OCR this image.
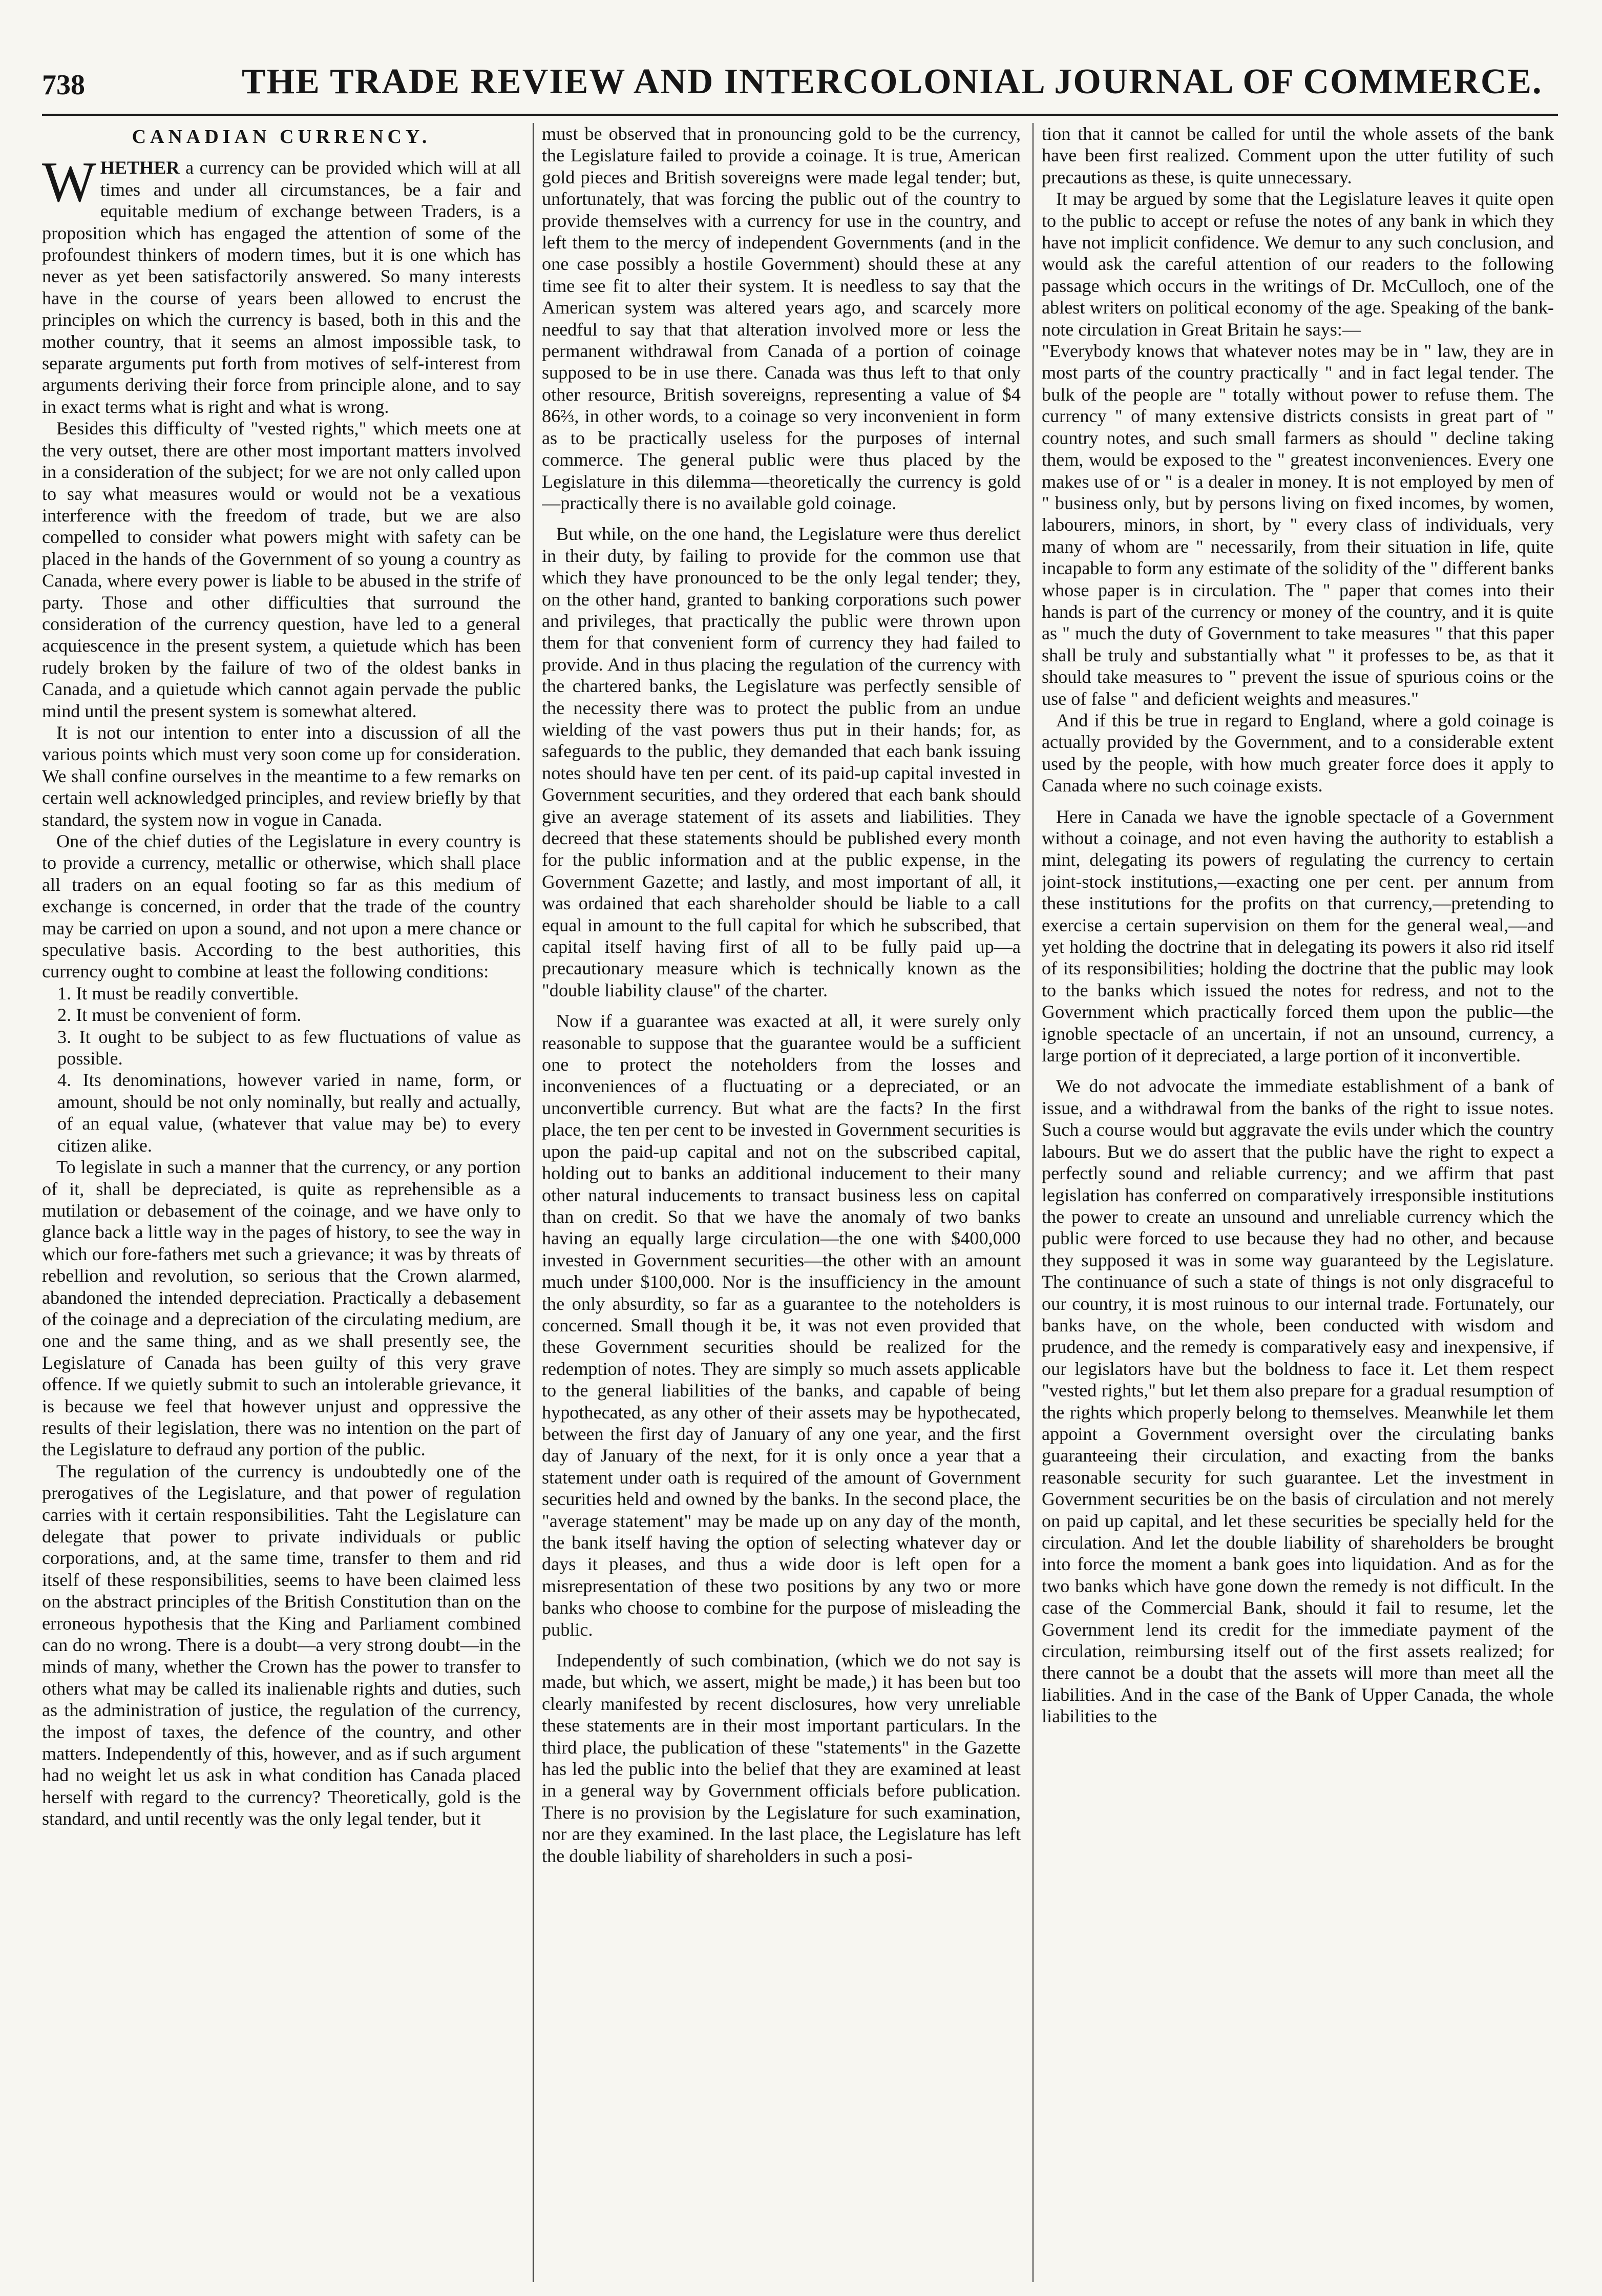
738	THE TRADE REVIEW AND INTERCOLONIAL JOURNAL OF COMMERCE.
CANADIAN CURRENCY.

WHETHER a currency can be provided which will at all times and under all circumstances, be a fair and equitable medium of exchange between Traders, is a proposition which has engaged the attention of some of the profoundest thinkers of modern times, but it is one which has never as yet been satisfactorily answered. So many interests have in the course of years been allowed to encrust the principles on which the currency is based, both in this and the mother country, that it seems an almost impossible task, to separate arguments put forth from motives of self-interest from arguments deriving their force from principle alone, and to say in exact terms what is right and what is wrong.

Besides this difficulty of "vested rights," which meets one at the very outset, there are other most important matters involved in a consideration of the subject; for we are not only called upon to say what measures would or would not be a vexatious interference with the freedom of trade, but we are also compelled to consider what powers might with safety can be placed in the hands of the Government of so young a country as Canada, where every power is liable to be abused in the strife of party. Those and other difficulties that surround the consideration of the currency question, have led to a general acquiescence in the present system, a quietude which has been rudely broken by the failure of two of the oldest banks in Canada, and a quietude which cannot again pervade the public mind until the present system is somewhat altered.

It is not our intention to enter into a discussion of all the various points which must very soon come up for consideration. We shall confine ourselves in the meantime to a few remarks on certain well acknowledged principles, and review briefly by that standard, the system now in vogue in Canada.

One of the chief duties of the Legislature in every country is to provide a currency, metallic or otherwise, which shall place all traders on an equal footing so far as this medium of exchange is concerned, in order that the trade of the country may be carried on upon a sound, and not upon a mere chance or speculative basis. According to the best authorities, this currency ought to combine at least the following conditions:

1. It must be readily convertible.

2. It must be convenient of form.

3. It ought to be subject to as few fluctuations of value as possible.

4. Its denominations, however varied in name, form, or amount, should be not only nominally, but really and actually, of an equal value, (whatever that value may be) to every citizen alike.

To legislate in such a manner that the currency, or any portion of it, shall be depreciated, is quite as reprehensible as a mutilation or debasement of the coinage, and we have only to glance back a little way in the pages of history, to see the way in which our fore-fathers met such a grievance; it was by threats of rebellion and revolution, so serious that the Crown alarmed, abandoned the intended depreciation. Practically a debasement of the coinage and a depreciation of the circulating medium, are one and the same thing, and as we shall presently see, the Legislature of Canada has been guilty of this very grave offence. If we quietly submit to such an intolerable grievance, it is because we feel that however unjust and oppressive the results of their legislation, there was no intention on the part of the Legislature to defraud any portion of the public.

The regulation of the currency is undoubtedly one of the prerogatives of the Legislature, and that power of regulation carries with it certain responsibilities. Taht the Legislature can delegate that power to private individuals or public corporations, and, at the same time, transfer to them and rid itself of these responsibilities, seems to have been claimed less on the abstract principles of the British Constitution than on the erroneous hypothesis that the King and Parliament combined can do no wrong. There is a doubt—a very strong doubt—in the minds of many, whether the Crown has the power to transfer to others what may be called its inalienable rights and duties, such as the administration of justice, the regulation of the currency, the impost of taxes, the defence of the country, and other matters. Independently of this, however, and as if such argument had no weight let us ask in what condition has Canada placed herself with regard to the currency? Theoretically, gold is the standard, and until recently was the only legal tender, but it

must be observed that in pronouncing gold to be the currency, the Legislature failed to provide a coinage. It is true, American gold pieces and British sovereigns were made legal tender; but, unfortunately, that was forcing the public out of the country to provide themselves with a currency for use in the country, and left them to the mercy of independent Governments (and in the one case possibly a hostile Government) should these at any time see fit to alter their system. It is needless to say that the American system was altered years ago, and scarcely more needful to say that that alteration involved more or less the permanent withdrawal from Canada of a portion of coinage supposed to be in use there. Canada was thus left to that only other resource, British sovereigns, representing a value of $4 86⅔, in other words, to a coinage so very inconvenient in form as to be practically useless for the purposes of internal commerce. The general public were thus placed by the Legislature in this dilemma—theoretically the currency is gold—practically there is no available gold coinage.

But while, on the one hand, the Legislature were thus derelict in their duty, by failing to provide for the common use that which they have pronounced to be the only legal tender; they, on the other hand, granted to banking corporations such power and privileges, that practically the public were thrown upon them for that convenient form of currency they had failed to provide. And in thus placing the regulation of the currency with the chartered banks, the Legislature was perfectly sensible of the necessity there was to protect the public from an undue wielding of the vast powers thus put in their hands; for, as safeguards to the public, they demanded that each bank issuing notes should have ten per cent. of its paid-up capital invested in Government securities, and they ordered that each bank should give an average statement of its assets and liabilities. They decreed that these statements should be published every month for the public information and at the public expense, in the Government Gazette; and lastly, and most important of all, it was ordained that each shareholder should be liable to a call equal in amount to the full capital for which he subscribed, that capital itself having first of all to be fully paid up—a precautionary measure which is technically known as the "double liability clause" of the charter.

Now if a guarantee was exacted at all, it were surely only reasonable to suppose that the guarantee would be a sufficient one to protect the noteholders from the losses and inconveniences of a fluctuating or a depreciated, or an unconvertible currency. But what are the facts? In the first place, the ten per cent to be invested in Government securities is upon the paid-up capital and not on the subscribed capital, holding out to banks an additional inducement to their many other natural inducements to transact business less on capital than on credit. So that we have the anomaly of two banks having an equally large circulation—the one with $400,000 invested in Government securities—the other with an amount much under $100,000. Nor is the insufficiency in the amount the only absurdity, so far as a guarantee to the noteholders is concerned. Small though it be, it was not even provided that these Government securities should be realized for the redemption of notes. They are simply so much assets applicable to the general liabilities of the banks, and capable of being hypothecated, as any other of their assets may be hypothecated, between the first day of January of any one year, and the first day of January of the next, for it is only once a year that a statement under oath is required of the amount of Government securities held and owned by the banks. In the second place, the "average statement" may be made up on any day of the month, the bank itself having the option of selecting whatever day or days it pleases, and thus a wide door is left open for a misrepresentation of these two positions by any two or more banks who choose to combine for the purpose of misleading the public.

Independently of such combination, (which we do not say is made, but which, we assert, might be made,) it has been but too clearly manifested by recent disclosures, how very unreliable these statements are in their most important particulars. In the third place, the publication of these "statements" in the Gazette has led the public into the belief that they are examined at least in a general way by Government officials before publication. There is no provision by the Legislature for such examination, nor are they examined. In the last place, the Legislature has left the double liability of shareholders in such a posi-

tion that it cannot be called for until the whole assets of the bank have been first realized. Comment upon the utter futility of such precautions as these, is quite unnecessary.

It may be argued by some that the Legislature leaves it quite open to the public to accept or refuse the notes of any bank in which they have not implicit confidence. We demur to any such conclusion, and would ask the careful attention of our readers to the following passage which occurs in the writings of Dr. McCulloch, one of the ablest writers on political economy of the age. Speaking of the bank-note circulation in Great Britain he says:—

"Everybody knows that whatever notes may be in " law, they are in most parts of the country practically " and in fact legal tender. The bulk of the people are " totally without power to refuse them. The currency " of many extensive districts consists in great part of " country notes, and such small farmers as should " decline taking them, would be exposed to the " greatest inconveniences. Every one makes use of or " is a dealer in money. It is not employed by men of " business only, but by persons living on fixed incomes, by women, labourers, minors, in short, by " every class of individuals, very many of whom are " necessarily, from their situation in life, quite incapable to form any estimate of the solidity of the " different banks whose paper is in circulation. The " paper that comes into their hands is part of the currency or money of the country, and it is quite as " much the duty of Government to take measures " that this paper shall be truly and substantially what " it professes to be, as that it should take measures to " prevent the issue of spurious coins or the use of false " and deficient weights and measures."

And if this be true in regard to England, where a gold coinage is actually provided by the Government, and to a considerable extent used by the people, with how much greater force does it apply to Canada where no such coinage exists.

Here in Canada we have the ignoble spectacle of a Government without a coinage, and not even having the authority to establish a mint, delegating its powers of regulating the currency to certain joint-stock institutions,—exacting one per cent. per annum from these institutions for the profits on that currency,—pretending to exercise a certain supervision on them for the general weal,—and yet holding the doctrine that in delegating its powers it also rid itself of its responsibilities; holding the doctrine that the public may look to the banks which issued the notes for redress, and not to the Government which practically forced them upon the public—the ignoble spectacle of an uncertain, if not an unsound, currency, a large portion of it depreciated, a large portion of it inconvertible.

We do not advocate the immediate establishment of a bank of issue, and a withdrawal from the banks of the right to issue notes. Such a course would but aggravate the evils under which the country labours. But we do assert that the public have the right to expect a perfectly sound and reliable currency; and we affirm that past legislation has conferred on comparatively irresponsible institutions the power to create an unsound and unreliable currency which the public were forced to use because they had no other, and because they supposed it was in some way guaranteed by the Legislature. The continuance of such a state of things is not only disgraceful to our country, it is most ruinous to our internal trade. Fortunately, our banks have, on the whole, been conducted with wisdom and prudence, and the remedy is comparatively easy and inexpensive, if our legislators have but the boldness to face it. Let them respect "vested rights," but let them also prepare for a gradual resumption of the rights which properly belong to themselves. Meanwhile let them appoint a Government oversight over the circulating banks guaranteeing their circulation, and exacting from the banks reasonable security for such guarantee. Let the investment in Government securities be on the basis of circulation and not merely on paid up capital, and let these securities be specially held for the circulation. And let the double liability of shareholders be brought into force the moment a bank goes into liquidation. And as for the two banks which have gone down the remedy is not difficult. In the case of the Commercial Bank, should it fail to resume, let the Government lend its credit for the immediate payment of the circulation, reimbursing itself out of the first assets realized; for there cannot be a doubt that the assets will more than meet all the liabilities. And in the case of the Bank of Upper Canada, the whole liabilities to the
